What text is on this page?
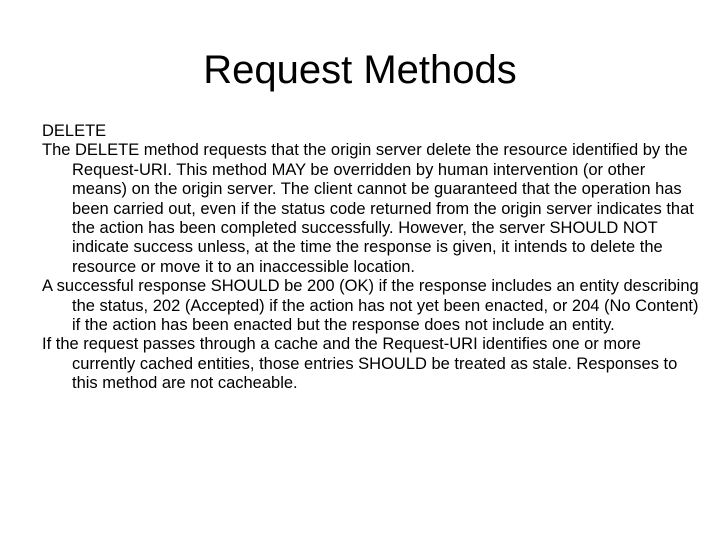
Request Methods

DELETE

The DELETE method requests that the origin server delete the resource identified by the Request-URI. This method MAY be overridden by human intervention (or other means) on the origin server. The client cannot be guaranteed that the operation has been carried out, even if the status code returned from the origin server indicates that the action has been completed successfully. However, the server SHOULD NOT indicate success unless, at the time the response is given, it intends to delete the resource or move it to an inaccessible location.

A successful response SHOULD be 200 (OK) if the response includes an entity describing the status, 202 (Accepted) if the action has not yet been enacted, or 204 (No Content) if the action has been enacted but the response does not include an entity.

If the request passes through a cache and the Request-URI identifies one or more currently cached entities, those entries SHOULD be treated as stale. Responses to this method are not cacheable.
